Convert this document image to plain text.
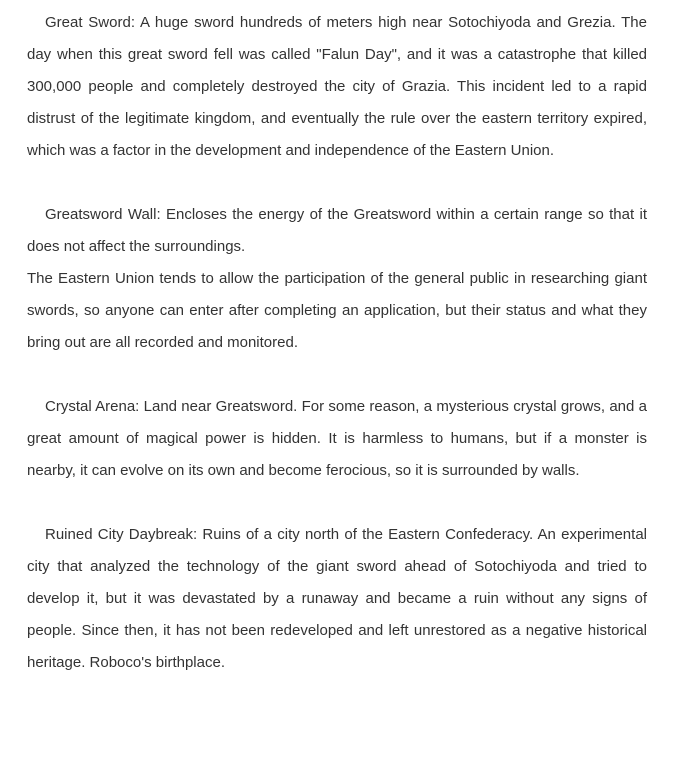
Great Sword: A huge sword hundreds of meters high near Sotochiyoda and Grezia. The day when this great sword fell was called "Falun Day", and it was a catastrophe that killed 300,000 people and completely destroyed the city of Grazia. This incident led to a rapid distrust of the legitimate kingdom, and eventually the rule over the eastern territory expired, which was a factor in the development and independence of the Eastern Union.
Greatsword Wall: Encloses the energy of the Greatsword within a certain range so that it does not affect the surroundings.
The Eastern Union tends to allow the participation of the general public in researching giant swords, so anyone can enter after completing an application, but their status and what they bring out are all recorded and monitored.
Crystal Arena: Land near Greatsword. For some reason, a mysterious crystal grows, and a great amount of magical power is hidden. It is harmless to humans, but if a monster is nearby, it can evolve on its own and become ferocious, so it is surrounded by walls.
Ruined City Daybreak: Ruins of a city north of the Eastern Confederacy. An experimental city that analyzed the technology of the giant sword ahead of Sotochiyoda and tried to develop it, but it was devastated by a runaway and became a ruin without any signs of people. Since then, it has not been redeveloped and left unrestored as a negative historical heritage. Roboco's birthplace.
